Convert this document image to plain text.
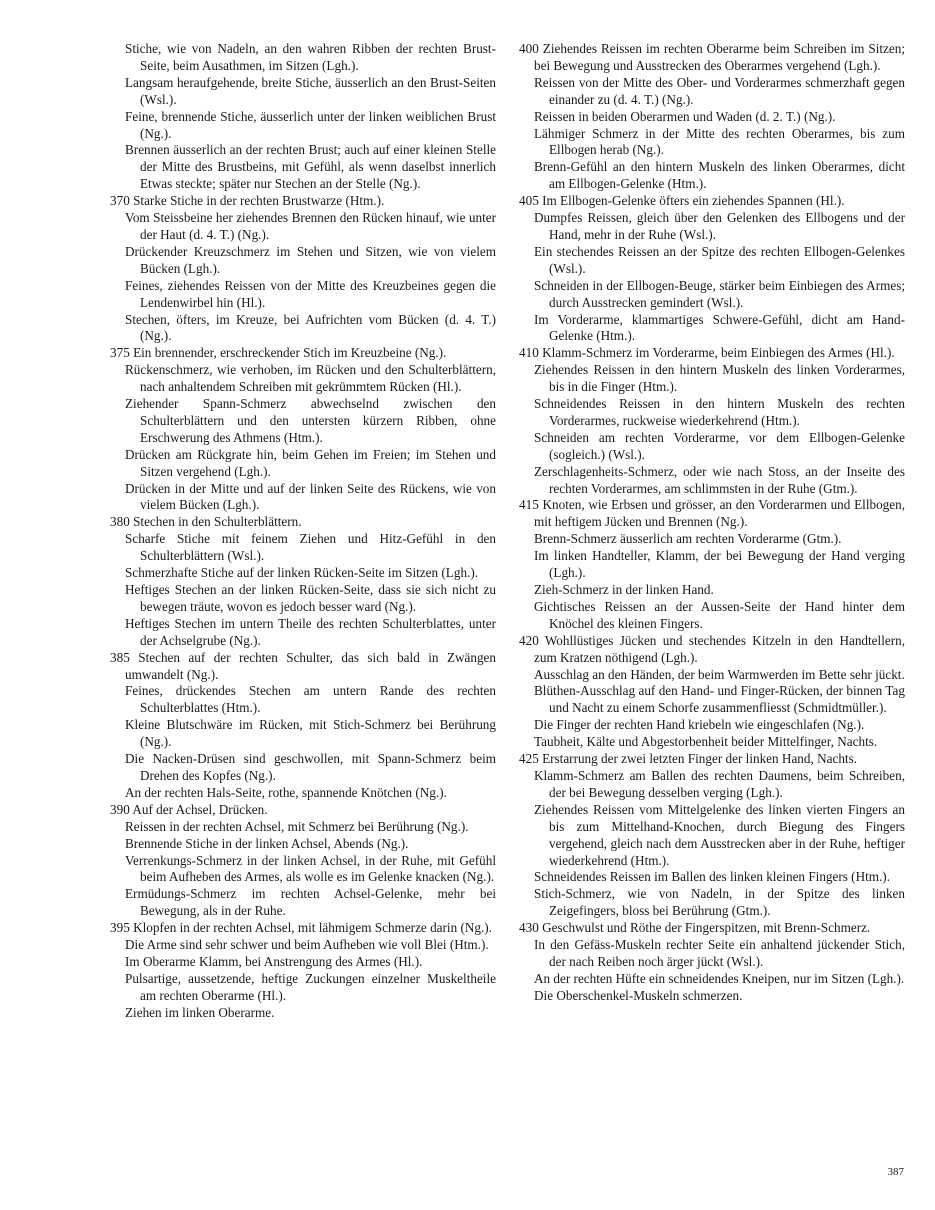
Stiche, wie von Nadeln, an den wahren Ribben der rechten Brust-Seite, beim Ausathmen, im Sitzen (Lgh.).
Langsam heraufgehende, breite Stiche, äusserlich an den Brust-Seiten (Wsl.).
Feine, brennende Stiche, äusserlich unter der linken weiblichen Brust (Ng.).
Brennen äusserlich an der rechten Brust; auch auf einer kleinen Stelle der Mitte des Brustbeins, mit Gefühl, als wenn daselbst innerlich Etwas steckte; später nur Stechen an der Stelle (Ng.).
370 Starke Stiche in der rechten Brustwarze (Htm.).
Vom Steissbeine her ziehendes Brennen den Rücken hinauf, wie unter der Haut (d. 4. T.) (Ng.).
Drückender Kreuzschmerz im Stehen und Sitzen, wie von vielem Bücken (Lgh.).
Feines, ziehendes Reissen von der Mitte des Kreuzbeines gegen die Lendenwirbel hin (Hl.).
Stechen, öfters, im Kreuze, bei Aufrichten vom Bücken (d. 4. T.) (Ng.).
375 Ein brennender, erschreckender Stich im Kreuzbeine (Ng.).
Rückenschmerz, wie verhoben, im Rücken und den Schulterblättern, nach anhaltendem Schreiben mit gekrümmtem Rücken (Hl.).
Ziehender Spann-Schmerz abwechselnd zwischen den Schulterblättern und den untersten kürzern Ribben, ohne Erschwerung des Athmens (Htm.).
Drücken am Rückgrate hin, beim Gehen im Freien; im Stehen und Sitzen vergehend (Lgh.).
Drücken in der Mitte und auf der linken Seite des Rückens, wie von vielem Bücken (Lgh.).
380 Stechen in den Schulterblättern.
Scharfe Stiche mit feinem Ziehen und Hitz-Gefühl in den Schulterblättern (Wsl.).
Schmerzhafte Stiche auf der linken Rücken-Seite im Sitzen (Lgh.).
Heftiges Stechen an der linken Rücken-Seite, dass sie sich nicht zu bewegen träute, wovon es jedoch besser ward (Ng.).
Heftiges Stechen im untern Theile des rechten Schulterblattes, unter der Achselgrube (Ng.).
385 Stechen auf der rechten Schulter, das sich bald in Zwängen umwandelt (Ng.).
Feines, drückendes Stechen am untern Rande des rechten Schulterblattes (Htm.).
Kleine Blutschwäre im Rücken, mit Stich-Schmerz bei Berührung (Ng.).
Die Nacken-Drüsen sind geschwollen, mit Spann-Schmerz beim Drehen des Kopfes (Ng.).
An der rechten Hals-Seite, rothe, spannende Knötchen (Ng.).
390 Auf der Achsel, Drücken.
Reissen in der rechten Achsel, mit Schmerz bei Berührung (Ng.).
Brennende Stiche in der linken Achsel, Abends (Ng.).
Verrenkungs-Schmerz in der linken Achsel, in der Ruhe, mit Gefühl beim Aufheben des Armes, als wolle es im Gelenke knacken (Ng.).
Ermüdungs-Schmerz im rechten Achsel-Gelenke, mehr bei Bewegung, als in der Ruhe.
395 Klopfen in der rechten Achsel, mit lähmigem Schmerze darin (Ng.).
Die Arme sind sehr schwer und beim Aufheben wie voll Blei (Htm.).
Im Oberarme Klamm, bei Anstrengung des Armes (Hl.).
Pulsartige, aussetzende, heftige Zuckungen einzelner Muskeltheile am rechten Oberarme (Hl.).
Ziehen im linken Oberarme.
400 Ziehendes Reissen im rechten Oberarme beim Schreiben im Sitzen; bei Bewegung und Ausstrecken des Oberarmes vergehend (Lgh.).
Reissen von der Mitte des Ober- und Vorderarmes schmerzhaft gegen einander zu (d. 4. T.) (Ng.).
Reissen in beiden Oberarmen und Waden (d. 2. T.) (Ng.).
Lähmiger Schmerz in der Mitte des rechten Oberarmes, bis zum Ellbogen herab (Ng.).
Brenn-Gefühl an den hintern Muskeln des linken Oberarmes, dicht am Ellbogen-Gelenke (Htm.).
405 Im Ellbogen-Gelenke öfters ein ziehendes Spannen (Hl.).
Dumpfes Reissen, gleich über den Gelenken des Ellbogens und der Hand, mehr in der Ruhe (Wsl.).
Ein stechendes Reissen an der Spitze des rechten Ellbogen-Gelenkes (Wsl.).
Schneiden in der Ellbogen-Beuge, stärker beim Einbiegen des Armes; durch Ausstrecken gemindert (Wsl.).
Im Vorderarme, klammartiges Schwere-Gefühl, dicht am Hand-Gelenke (Htm.).
410 Klamm-Schmerz im Vorderarme, beim Einbiegen des Armes (Hl.).
Ziehendes Reissen in den hintern Muskeln des linken Vorderarmes, bis in die Finger (Htm.).
Schneidendes Reissen in den hintern Muskeln des rechten Vorderarmes, ruckweise wiederkehrend (Htm.).
Schneiden am rechten Vorderarme, vor dem Ellbogen-Gelenke (sogleich.) (Wsl.).
Zerschlagenheits-Schmerz, oder wie nach Stoss, an der Inseite des rechten Vorderarmes, am schlimmsten in der Ruhe (Gtm.).
415 Knoten, wie Erbsen und grösser, an den Vorderarmen und Ellbogen, mit heftigem Jücken und Brennen (Ng.).
Brenn-Schmerz äusserlich am rechten Vorderarme (Gtm.).
Im linken Handteller, Klamm, der bei Bewegung der Hand verging (Lgh.).
Zieh-Schmerz in der linken Hand.
Gichtisches Reissen an der Aussen-Seite der Hand hinter dem Knöchel des kleinen Fingers.
420 Wohllüstiges Jücken und stechendes Kitzeln in den Handtellern, zum Kratzen nöthigend (Lgh.).
Ausschlag an den Händen, der beim Warmwerden im Bette sehr jückt.
Blüthen-Ausschlag auf den Hand- und Finger-Rücken, der binnen Tag und Nacht zu einem Schorfe zusammenfliesst (Schmidtmüller.).
Die Finger der rechten Hand kriebeln wie eingeschlafen (Ng.).
Taubheit, Kälte und Abgestorbenheit beider Mittelfinger, Nachts.
425 Erstarrung der zwei letzten Finger der linken Hand, Nachts.
Klamm-Schmerz am Ballen des rechten Daumens, beim Schreiben, der bei Bewegung desselben verging (Lgh.).
Ziehendes Reissen vom Mittelgelenke des linken vierten Fingers an bis zum Mittelhand-Knochen, durch Biegung des Fingers vergehend, gleich nach dem Ausstrecken aber in der Ruhe, heftiger wiederkehrend (Htm.).
Schneidendes Reissen im Ballen des linken kleinen Fingers (Htm.).
Stich-Schmerz, wie von Nadeln, in der Spitze des linken Zeigefingers, bloss bei Berührung (Gtm.).
430 Geschwulst und Röthe der Fingerspitzen, mit Brenn-Schmerz.
In den Gefäss-Muskeln rechter Seite ein anhaltend jückender Stich, der nach Reiben noch ärger jückt (Wsl.).
An der rechten Hüfte ein schneidendes Kneipen, nur im Sitzen (Lgh.).
Die Oberschenkel-Muskeln schmerzen.
387
